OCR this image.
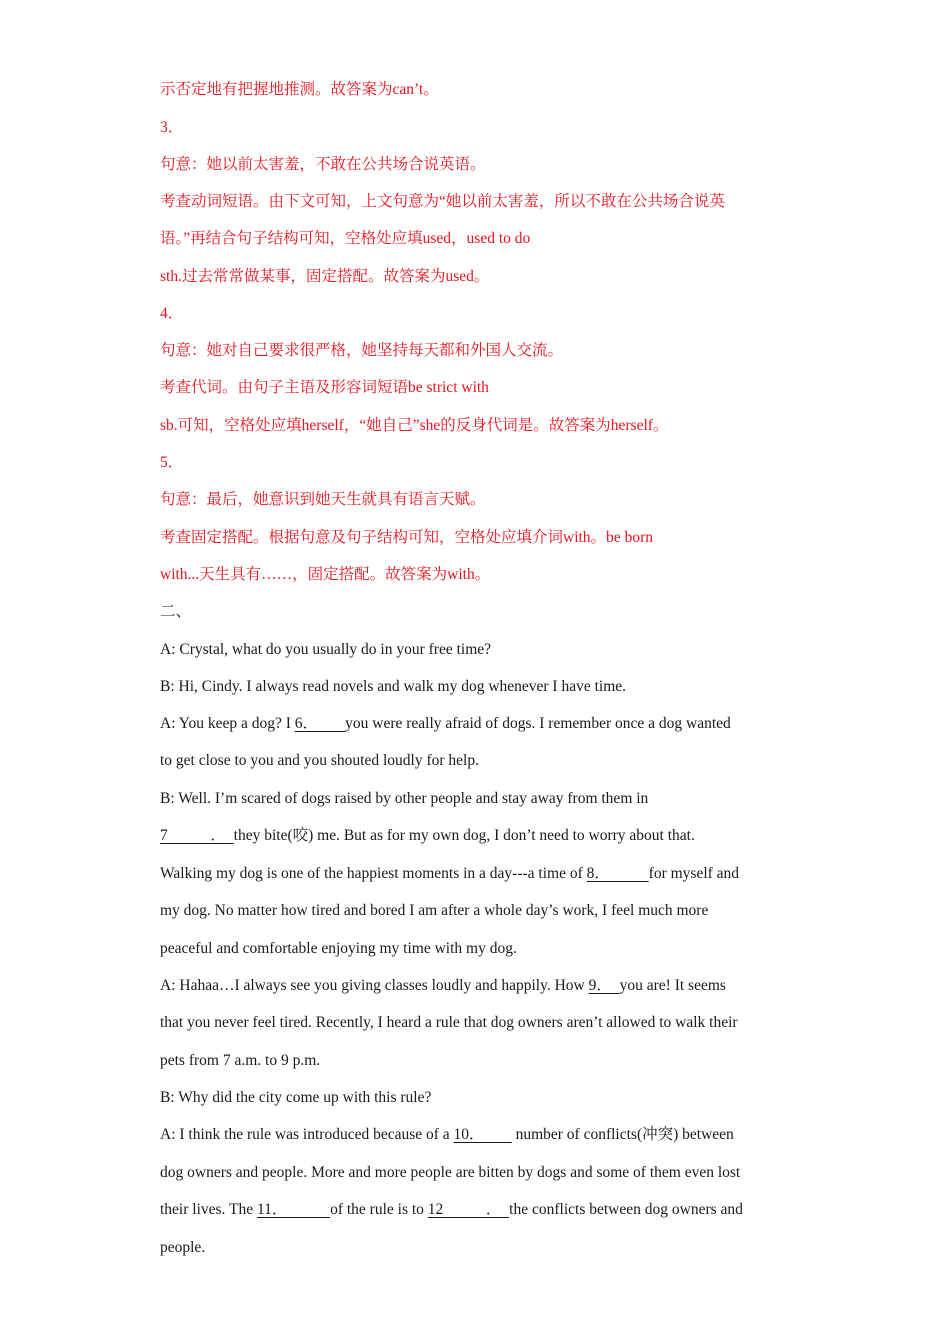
示否定地有把握地推测。故答案为can’t。
3．
句意：她以前太害羞，不敢在公共场合说英语。
考查动词短语。由下文可知，上文句意为“她以前太害羞，所以不敢在公共场合说英
语。”再结合句子结构可知，空格处应填used，used to do
sth.过去常常做某事，固定搭配。故答案为used。
4．
句意：她对自己要求很严格，她坚持每天都和外国人交流。
考查代词。由句子主语及形容词短语be strict with
sb.可知，空格处应填herself，“她自己”she的反身代词是。故答案为herself。
5．
句意：最后，她意识到她天生就具有语言天赋。
考查固定搭配。根据句意及句子结构可知，空格处应填介词with。be born
with...天生具有……，固定搭配。故答案为with。
二、
A: Crystal, what do you usually do in your free time?
B: Hi, Cindy. I always read novels and walk my dog whenever I have time.
A: You keep a dog? I 6． you were really afraid of dogs. I remember once a dog wanted
to get close to you and you shouted loudly for help.
B: Well. I’m scared of dogs raised by other people and stay away from them in
7	． they bite(咬) me. But as for my own dog, I don’t need to worry about that.
Walking my dog is one of the happiest moments in a day---a time of 8．	for myself and
my dog. No matter how tired and bored I am after a whole day’s work, I feel much more
peaceful and comfortable enjoying my time with my dog.
A: Hahaa…I always see you giving classes loudly and happily. How 9． you are! It seems
that you never feel tired. Recently, I heard a rule that dog owners aren’t allowed to walk their
pets from 7 a.m. to 9 p.m.
B: Why did the city come up with this rule?
A: I think the rule was introduced because of a 10．        number of conflicts(冲突) between
dog owners and people. More and more people are bitten by dogs and some of them even lost
their lives. The 11．	of the rule is to 12	． the conflicts between dog owners and
people.
